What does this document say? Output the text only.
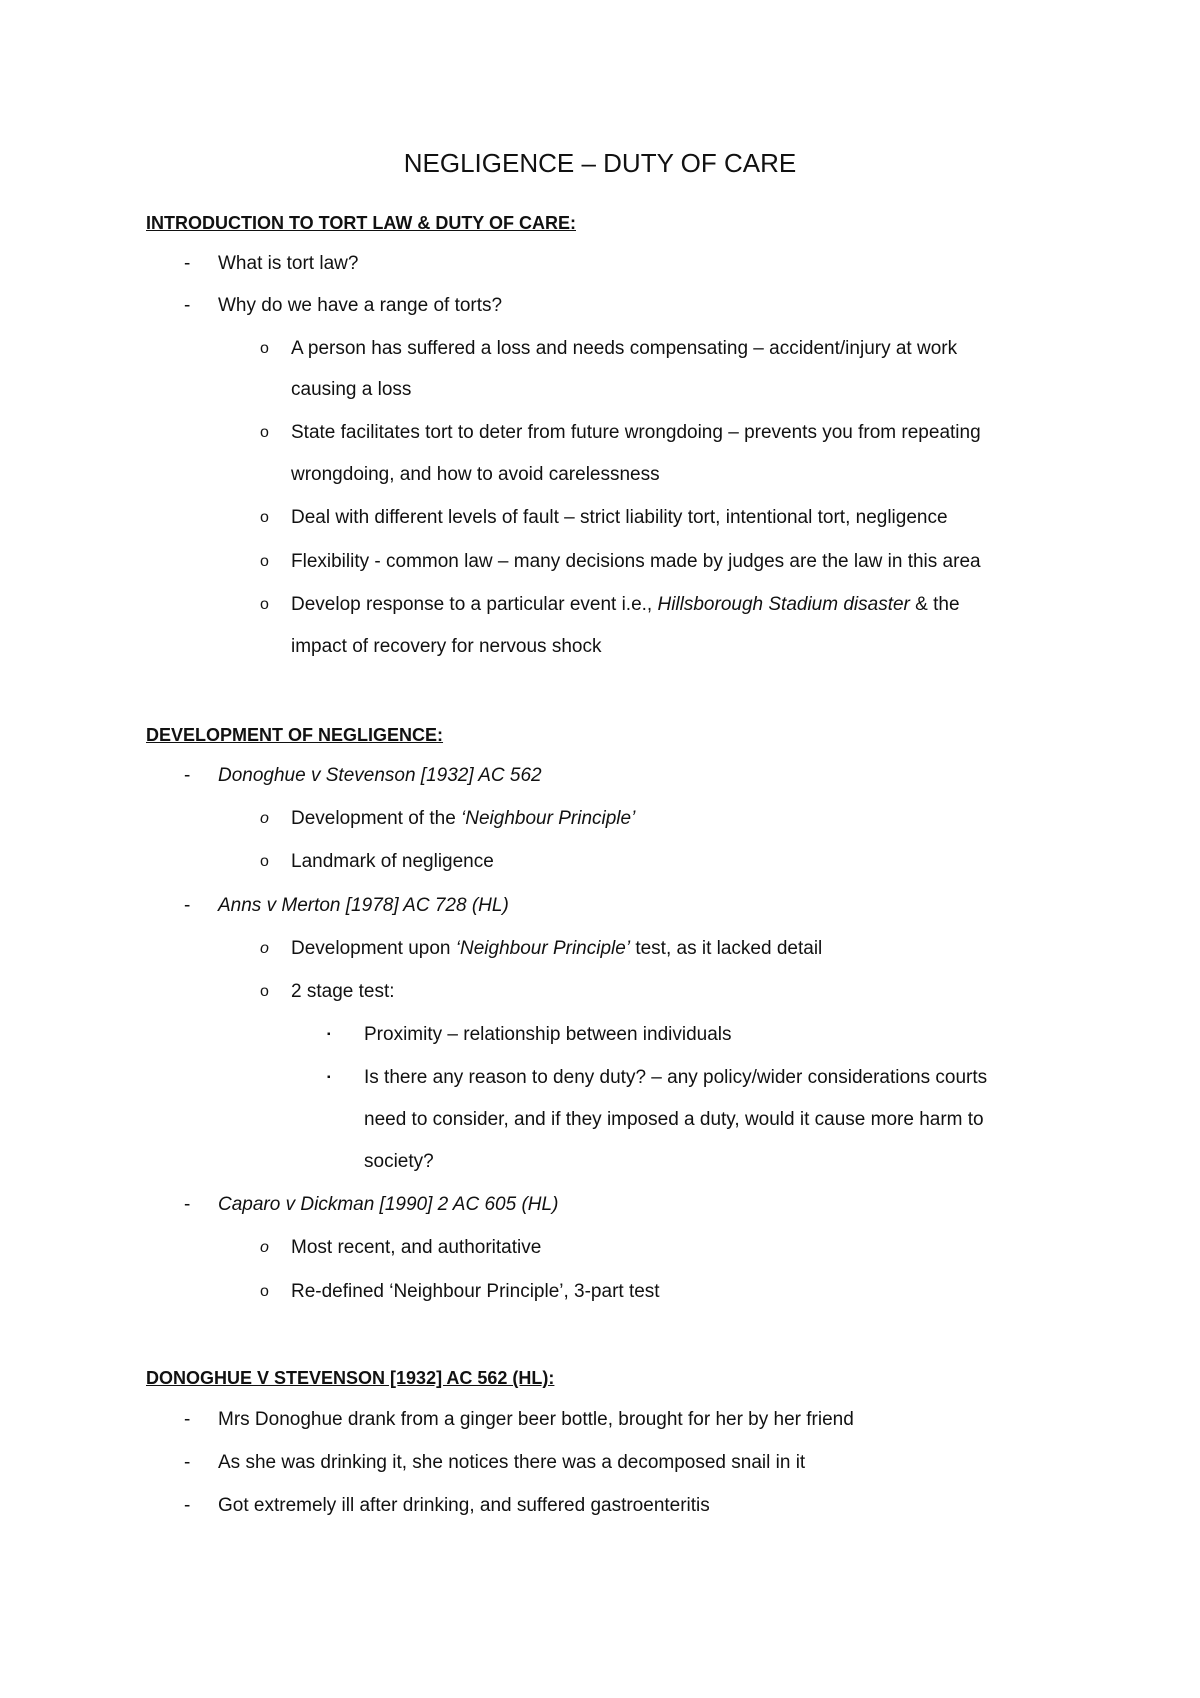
NEGLIGENCE – DUTY OF CARE
INTRODUCTION TO TORT LAW & DUTY OF CARE:
- What is tort law?
- Why do we have a range of torts?
o A person has suffered a loss and needs compensating – accident/injury at work
causing a loss
o State facilitates tort to deter from future wrongdoing – prevents you from repeating
wrongdoing, and how to avoid carelessness
o Deal with different levels of fault – strict liability tort, intentional tort, negligence
o Flexibility - common law – many decisions made by judges are the law in this area
o Develop response to a particular event i.e., Hillsborough Stadium disaster & the
impact of recovery for nervous shock
DEVELOPMENT OF NEGLIGENCE:
- Donoghue v Stevenson [1932] AC 562
o Development of the ‘Neighbour Principle’
o Landmark of negligence
- Anns v Merton [1978] AC 728 (HL)
o Development upon ‘Neighbour Principle’ test, as it lacked detail
o 2 stage test:
▪ Proximity – relationship between individuals
▪ Is there any reason to deny duty? – any policy/wider considerations courts
need to consider, and if they imposed a duty, would it cause more harm to
society?
- Caparo v Dickman [1990] 2 AC 605 (HL)
o Most recent, and authoritative
o Re-defined ‘Neighbour Principle’, 3-part test
DONOGHUE V STEVENSON [1932] AC 562 (HL):
- Mrs Donoghue drank from a ginger beer bottle, brought for her by her friend
- As she was drinking it, she notices there was a decomposed snail in it
- Got extremely ill after drinking, and suffered gastroenteritis
